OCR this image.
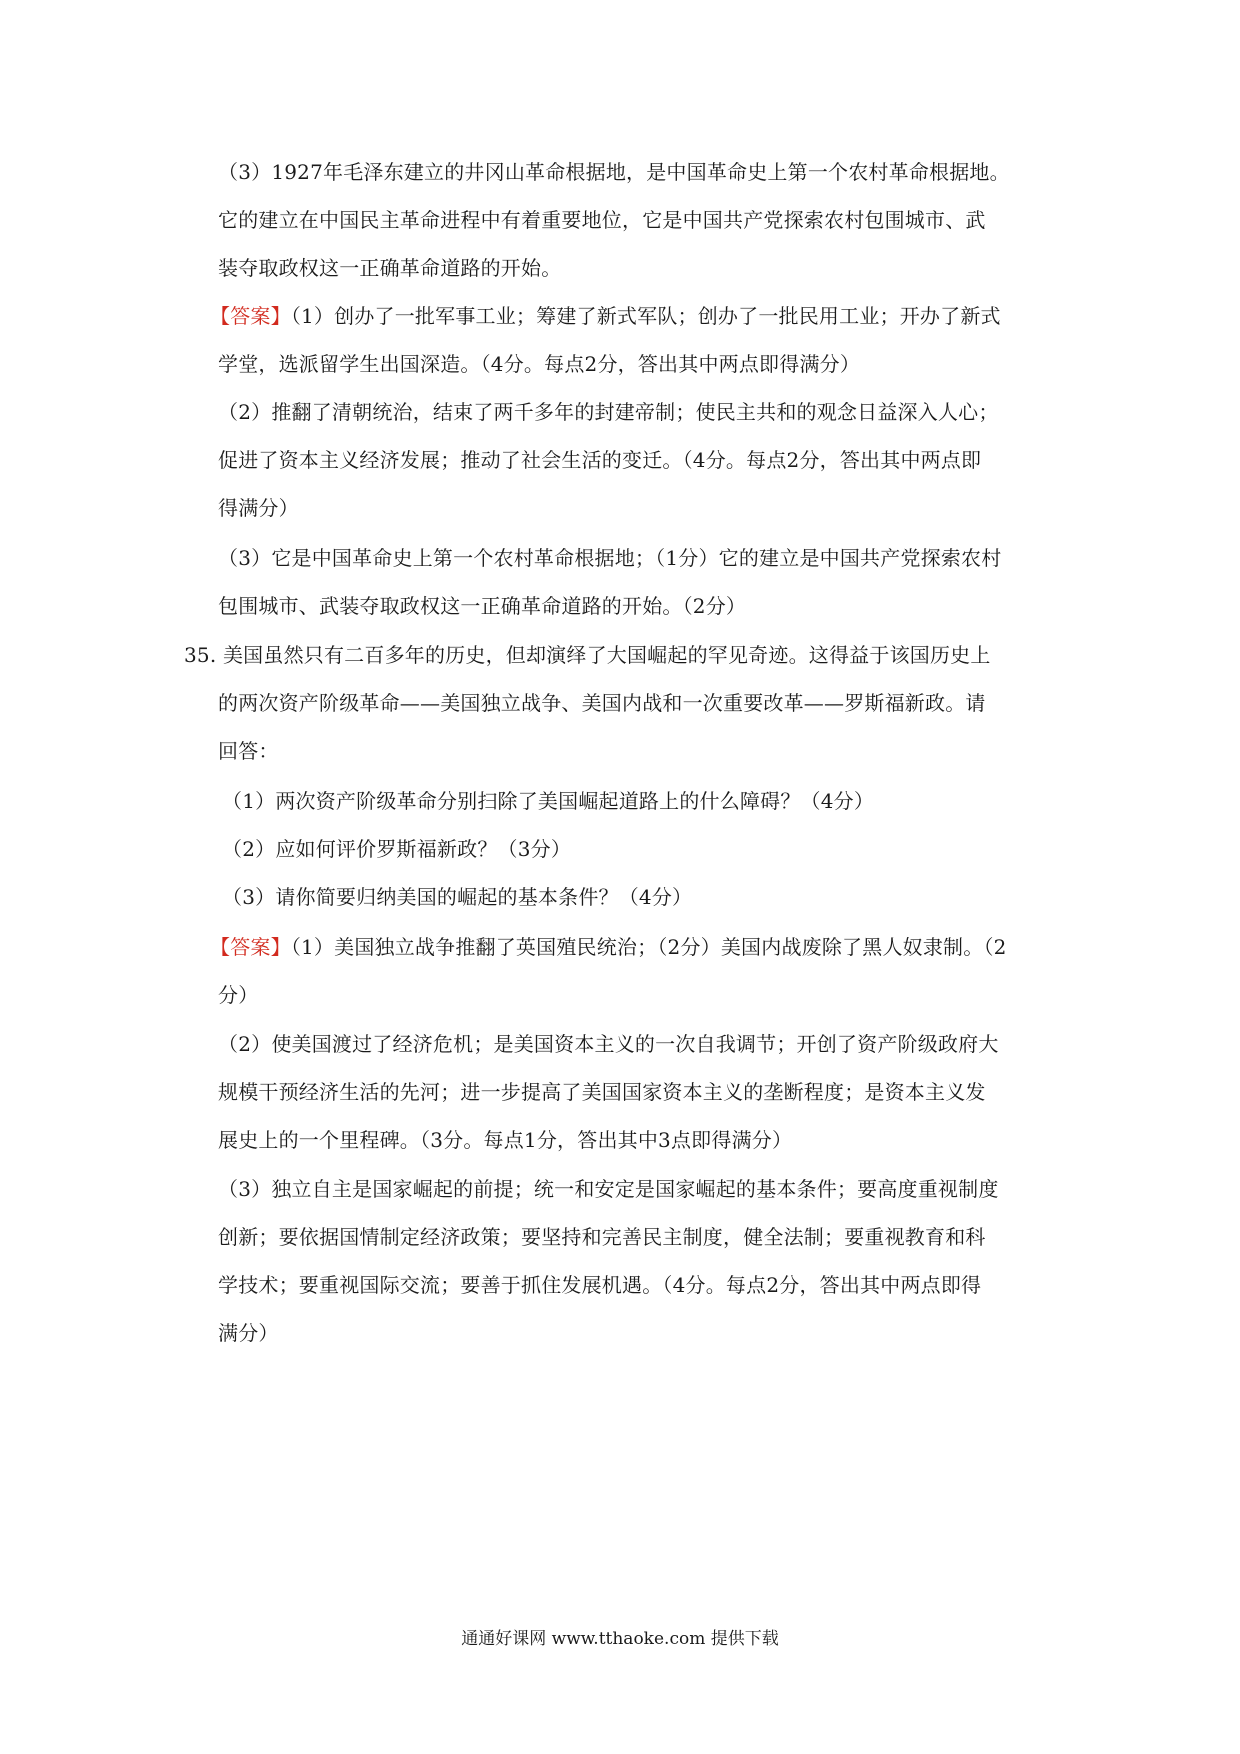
（3）1927年毛泽东建立的井冈山革命根据地，是中国革命史上第一个农村革命根据地。
它的建立在中国民主革命进程中有着重要地位，它是中国共产党探索农村包围城市、武
装夺取政权这一正确革命道路的开始。
【答案】（1）创办了一批军事工业；筹建了新式军队；创办了一批民用工业；开办了新式
学堂，选派留学生出国深造。（4分。每点2分，答出其中两点即得满分）
（2）推翻了清朝统治，结束了两千多年的封建帝制；使民主共和的观念日益深入人心；
促进了资本主义经济发展；推动了社会生活的变迁。（4分。每点2分，答出其中两点即
得满分）
（3）它是中国革命史上第一个农村革命根据地；（1分）它的建立是中国共产党探索农村
包围城市、武装夺取政权这一正确革命道路的开始。（2分）
35. 美国虽然只有二百多年的历史，但却演绎了大国崛起的罕见奇迹。这得益于该国历史上
的两次资产阶级革命——美国独立战争、美国内战和一次重要改革——罗斯福新政。请
回答：
（1）两次资产阶级革命分别扫除了美国崛起道路上的什么障碍？（4分）
（2）应如何评价罗斯福新政？（3分）
（3）请你简要归纳美国的崛起的基本条件？（4分）
【答案】（1）美国独立战争推翻了英国殖民统治；（2分）美国内战废除了黑人奴隶制。（2
分）
（2）使美国渡过了经济危机；是美国资本主义的一次自我调节；开创了资产阶级政府大
规模干预经济生活的先河；进一步提高了美国国家资本主义的垄断程度；是资本主义发
展史上的一个里程碑。（3分。每点1分，答出其中3点即得满分）
（3）独立自主是国家崛起的前提；统一和安定是国家崛起的基本条件；要高度重视制度
创新；要依据国情制定经济政策；要坚持和完善民主制度，健全法制；要重视教育和科
学技术；要重视国际交流；要善于抓住发展机遇。（4分。每点2分，答出其中两点即得
满分）
通通好课网 www.tthaoke.com 提供下载
